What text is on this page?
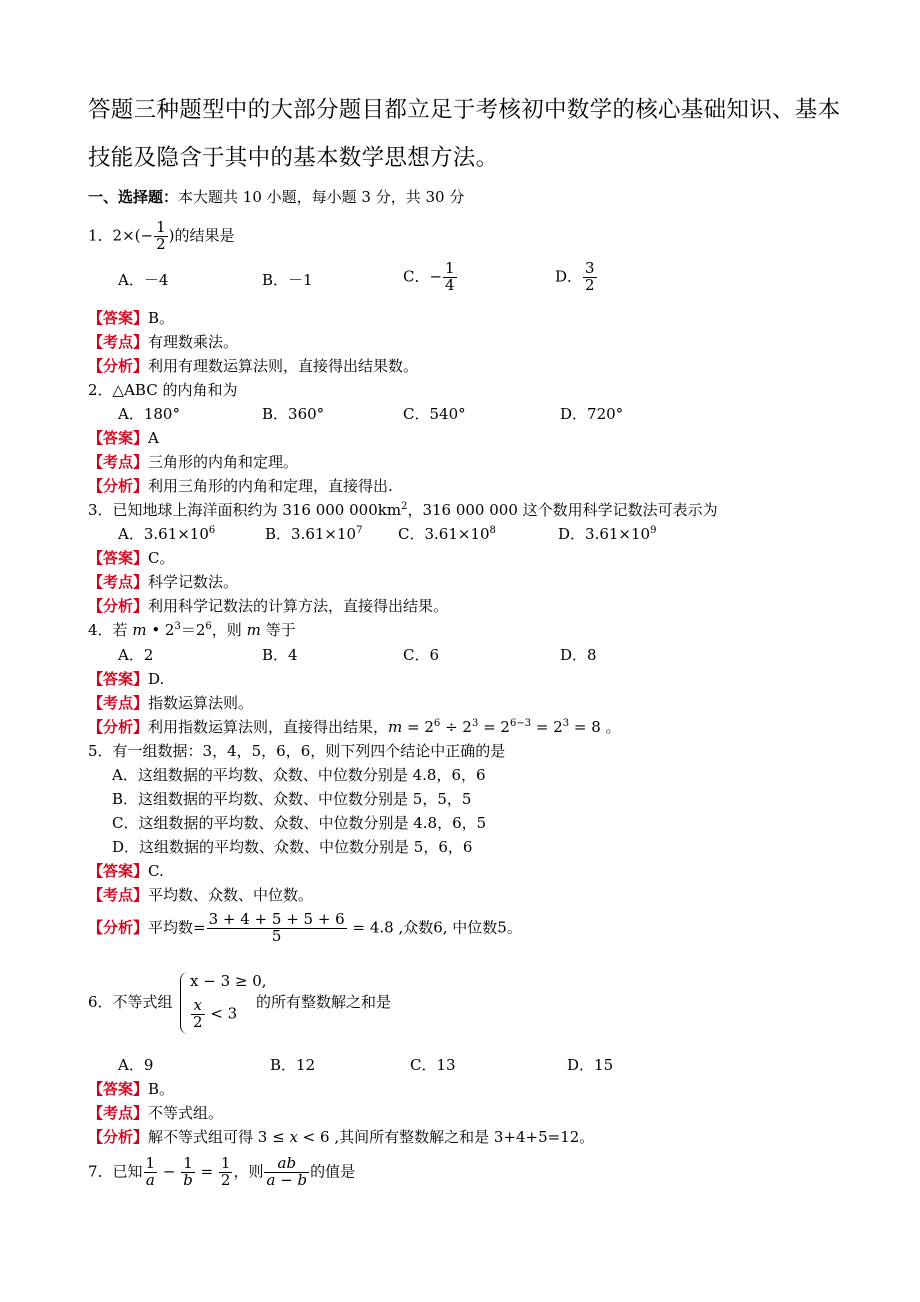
答题三种题型中的大部分题目都立足于考核初中数学的核心基础知识、基本技能及隐含于其中的基本数学思想方法。
一、选择题：本大题共 10 小题，每小题 3 分，共 30 分
1．$2\times(- \frac{1}{2}$ )的结果是
A．－4	B．－1	C．− $\frac{1}{4}$	D． $\frac{3}{2}$
【答案】B。
【考点】有理数乘法。
【分析】利用有理数运算法则，直接得出结果数。
2．△ABC 的内角和为
A．180°	B．360°	C．540°	D．720°
【答案】A
【考点】三角形的内角和定理。
【分析】利用三角形的内角和定理，直接得出.
3．已知地球上海洋面积约为 316 000 $000km^2$，316 000 000 这个数用科学记数法可表示为
A．$3.61\times 10^6$	B．$3.61\times 10^7$ C．$3.61\times 10^8$	D．$3.61\times 10^9$
【答案】C。
【考点】科学记数法。
【分析】利用科学记数法的计算方法，直接得出结果。
4．若 m • $2^3=2^6$，则 m 等于
A．2	B．4	C．6	D．8
【答案】D.
【考点】指数运算法则。
【分析】利用指数运算法则，直接得出结果，$m = 2^6 \div 2^3 = 2^{6-3} = 2^3 = 8$ 。
5．有一组数据：3，4，5，6，6，则下列四个结论中正确的是
A．这组数据的平均数、众数、中位数分别是 4.8，6，6
B．这组数据的平均数、众数、中位数分别是 5，5，5
C．这组数据的平均数、众数、中位数分别是 4.8，6，5
D．这组数据的平均数、众数、中位数分别是 5，6，6
【答案】C.
【考点】平均数、众数、中位数。
【分析】平均数= $\frac{3 + 4 + 5 + 5 + 6}{5} = 4.8$ ,众数6, 中位数5。
6．不等式组
x − 3 ≥ 0,
$\frac{x}{2} < 3$
的所有整数解之和是
A．9	B．12	C．13	D．15
【答案】B。
【考点】不等式组。
【分析】解不等式组可得 3 ≤ x < 6 ,其间所有整数解之和是 3+4+5=12。
7．已知 $\frac{1}{a} - \frac{1}{b} = \frac{1}{2}$ ，则 $\frac{ab}{a - b}$ 的值是
